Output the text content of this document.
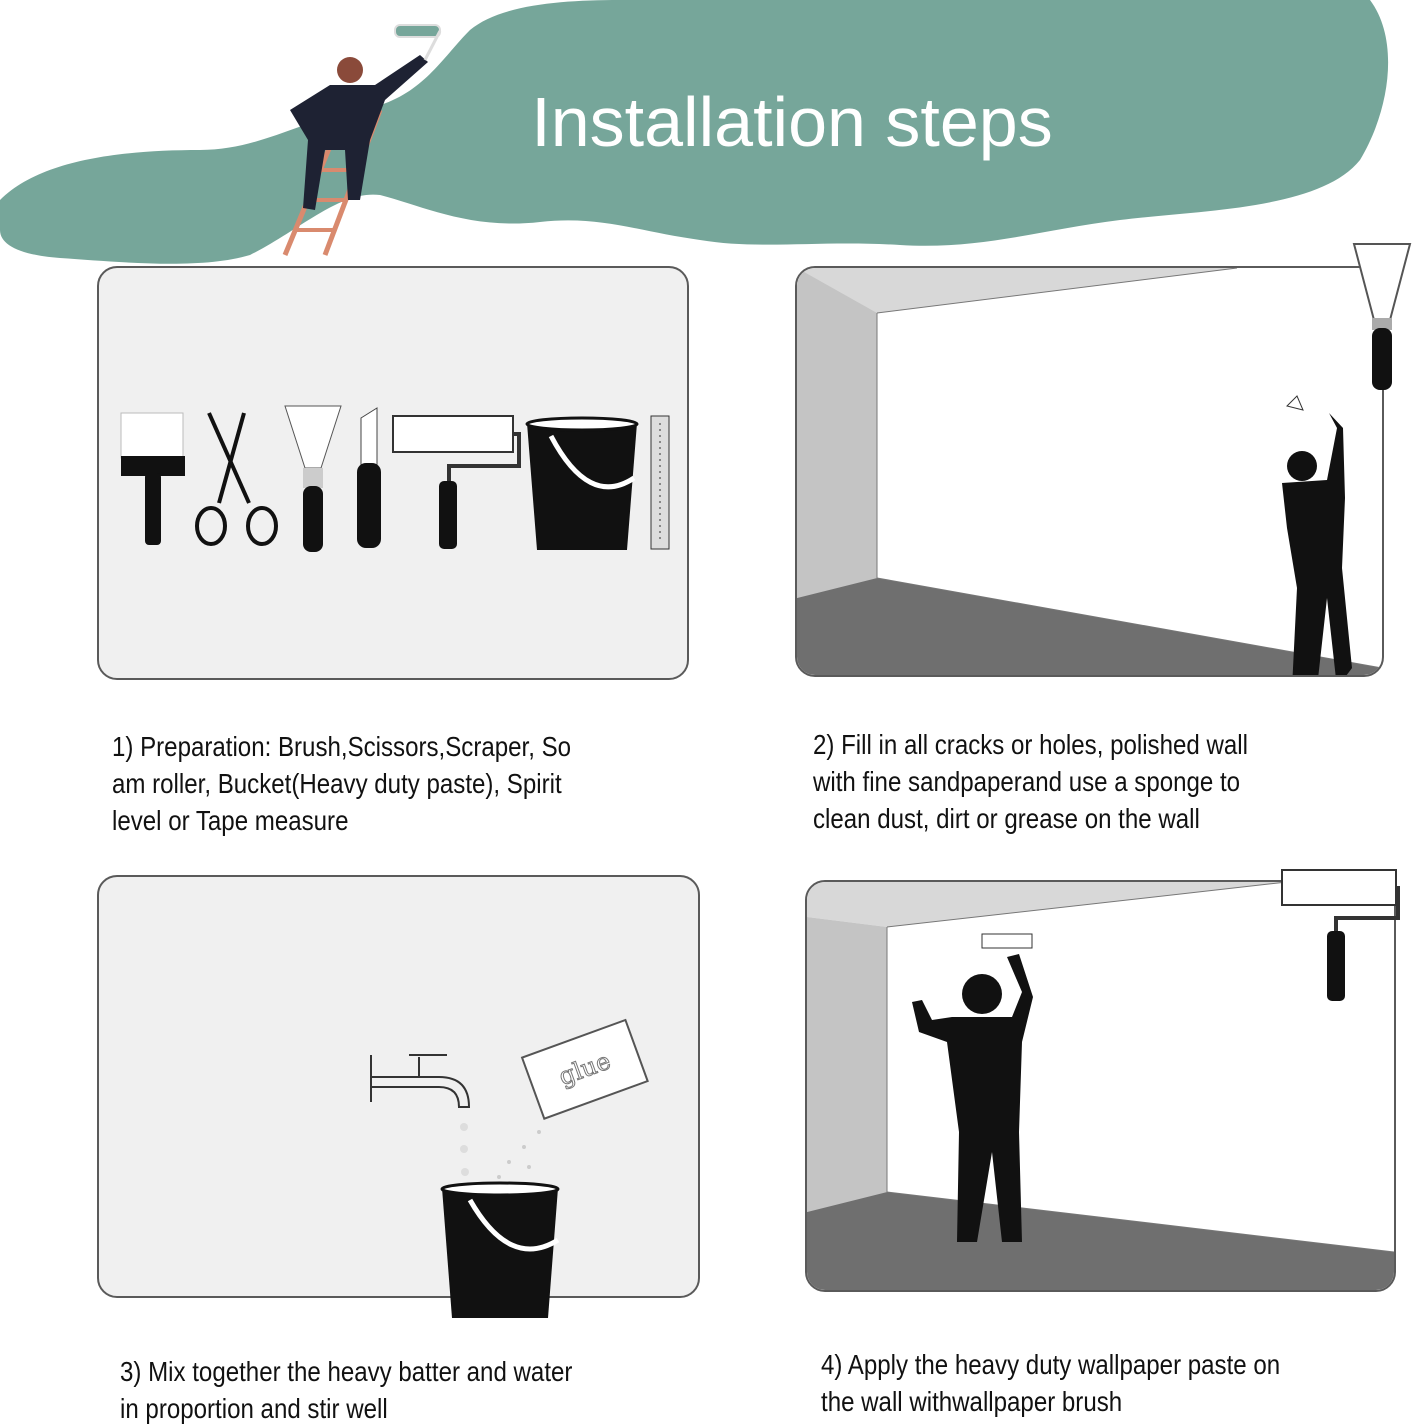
Installation steps
1) Preparation: Brush,Scissors,Scraper, So
am roller, Bucket(Heavy duty paste), Spirit
level or Tape measure
2) Fill in all cracks or holes, polished wall
with fine sandpaperand use a sponge to
clean dust, dirt or grease on the wall
glue
3) Mix together the heavy batter and water
in proportion and stir well
4) Apply the heavy duty wallpaper paste on
the wall withwallpaper brush
